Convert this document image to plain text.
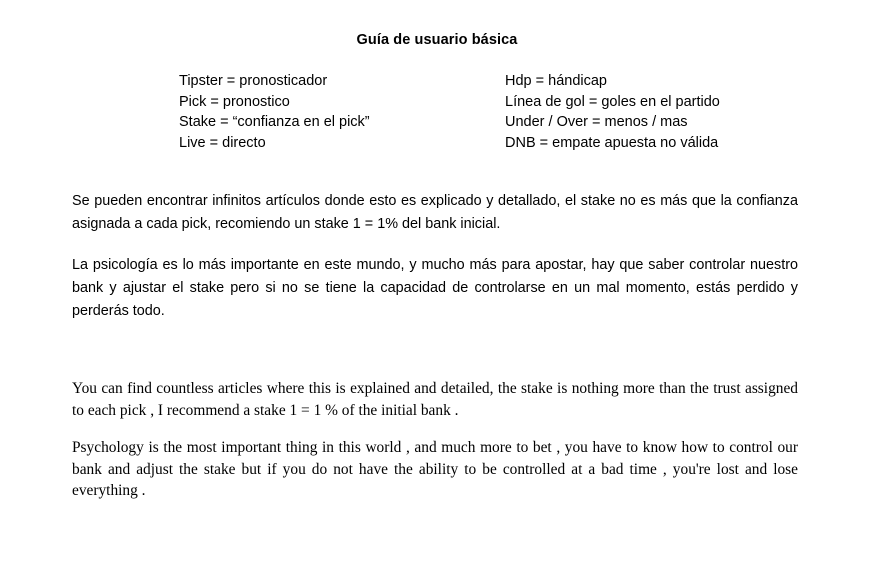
Guía de usuario básica
Tipster = pronosticador
Pick = pronostico
Stake = “confianza en el pick”
Live = directo
Hdp = hándicap
Línea de gol = goles en el partido
Under / Over = menos / mas
DNB = empate apuesta no válida

Se pueden encontrar infinitos artículos donde esto es explicado y detallado, el stake no es más que la confianza asignada a cada pick, recomiendo un stake 1 = 1% del bank inicial.

La psicología es lo más importante en este mundo, y mucho más para apostar, hay que saber controlar nuestro bank y ajustar el stake pero si no se tiene la capacidad de controlarse en un mal momento, estás perdido y perderás todo.

You can find countless articles where this is explained and detailed, the stake is nothing more than the trust assigned to each pick , I recommend a stake 1 = 1 % of the initial bank .

Psychology is the most important thing in this world , and much more to bet , you have to know how to control our bank and adjust the stake but if you do not have the ability to be controlled at a bad time , you're lost and lose everything .
